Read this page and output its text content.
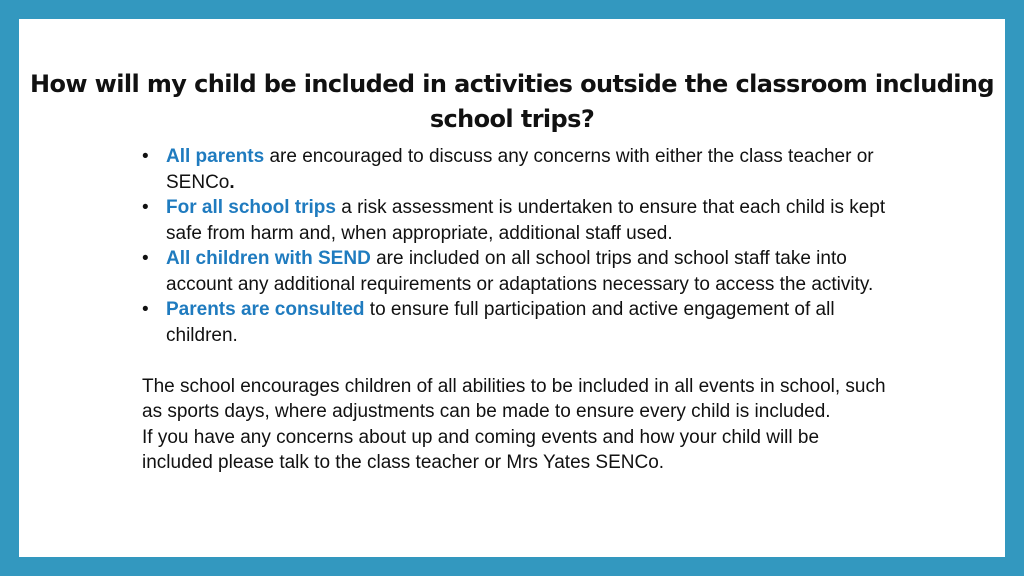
How will my child be included in activities outside the classroom including school trips?
• All parents are encouraged to discuss any concerns with either the class teacher or SENCo.
• For all school trips a risk assessment is undertaken to ensure that each child is kept safe from harm and, when appropriate, additional staff used.
• All children with SEND are included on all school trips and school staff take into account any additional requirements or adaptations necessary to access the activity.
• Parents are consulted to ensure full participation and active engagement of all children.

The school encourages children of all abilities to be included in all events in school, such as sports days, where adjustments can be made to ensure every child is included.

If you have any concerns about up and coming events and how your child will be included please talk to the class teacher or Mrs Yates SENCo.
